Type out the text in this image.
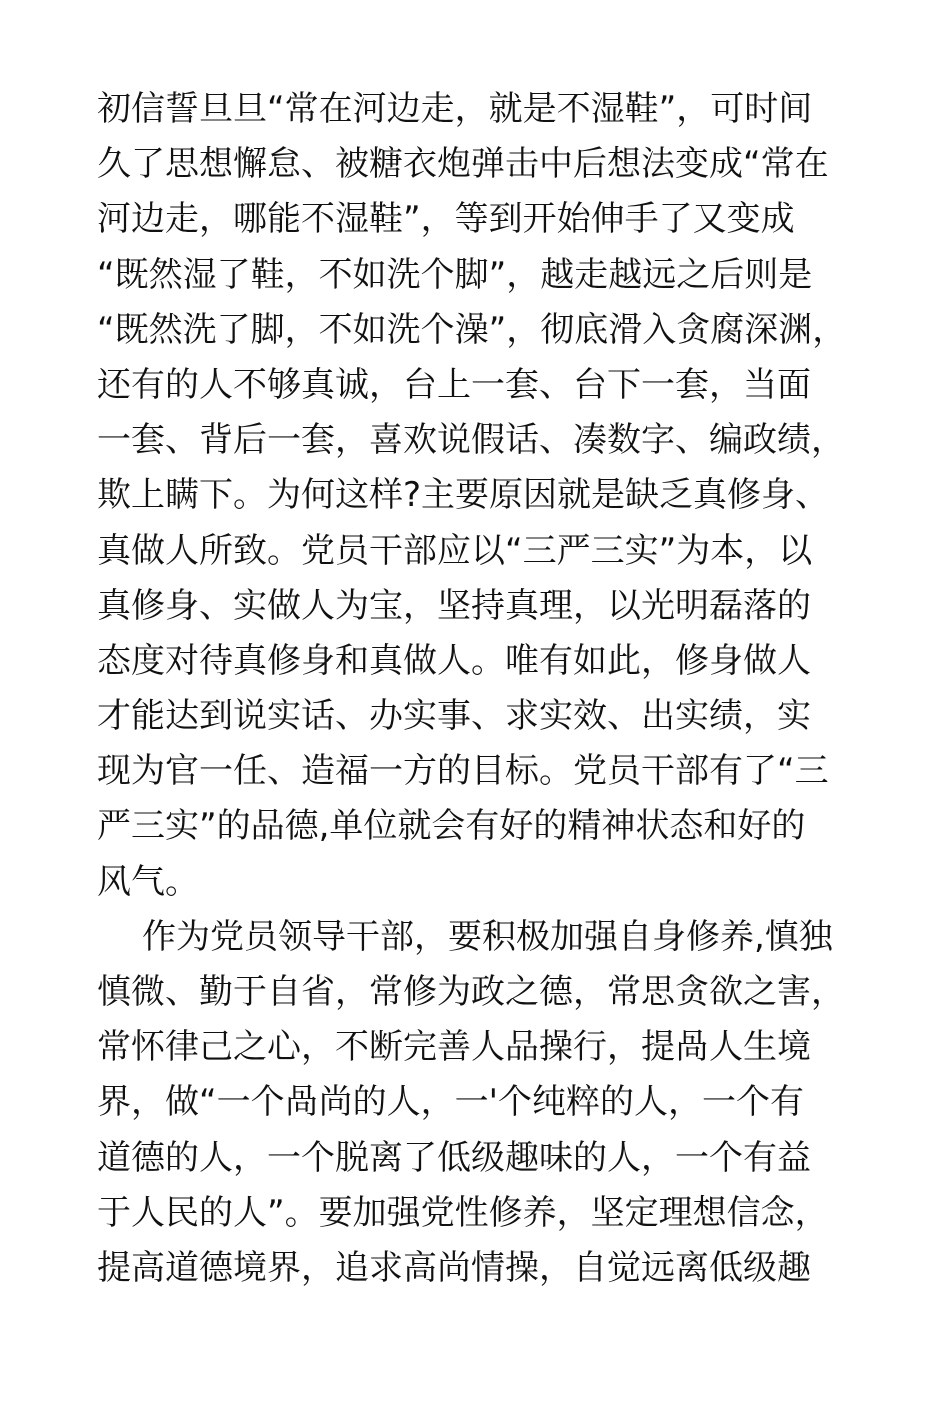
初信誓旦旦“常在河边走，就是不湿鞋”，可时间
久了思想懈怠、被糖衣炮弹击中后想法变成“常在
河边走，哪能不湿鞋”，等到开始伸手了又变成
“既然湿了鞋，不如洗个脚”，越走越远之后则是
“既然洗了脚，不如洗个澡”，彻底滑入贪腐深渊，
还有的人不够真诚，台上一套、台下一套，当面
一套、背后一套，喜欢说假话、凑数字、编政绩，
欺上瞒下。为何这样?主要原因就是缺乏真修身、
真做人所致。党员干部应以“三严三实”为本，以
真修身、实做人为宝，坚持真理，以光明磊落的
态度对待真修身和真做人。唯有如此，修身做人
才能达到说实话、办实事、求实效、出实绩，实
现为官一任、造福一方的目标。党员干部有了“三
严三实”的品德,单位就会有好的精神状态和好的
风气。
作为党员领导干部，要积极加强自身修养,慎独
慎微、勤于自省，常修为政之德，常思贪欲之害，
常怀律己之心，不断完善人品操行，提咼人生境
界，做“一个咼尚的人，一'个纯粹的人，一个有
道德的人，一个脱离了低级趣味的人，一个有益
于人民的人”。要加强党性修养，坚定理想信念，
提高道德境界，追求高尚情操，自觉远离低级趣
